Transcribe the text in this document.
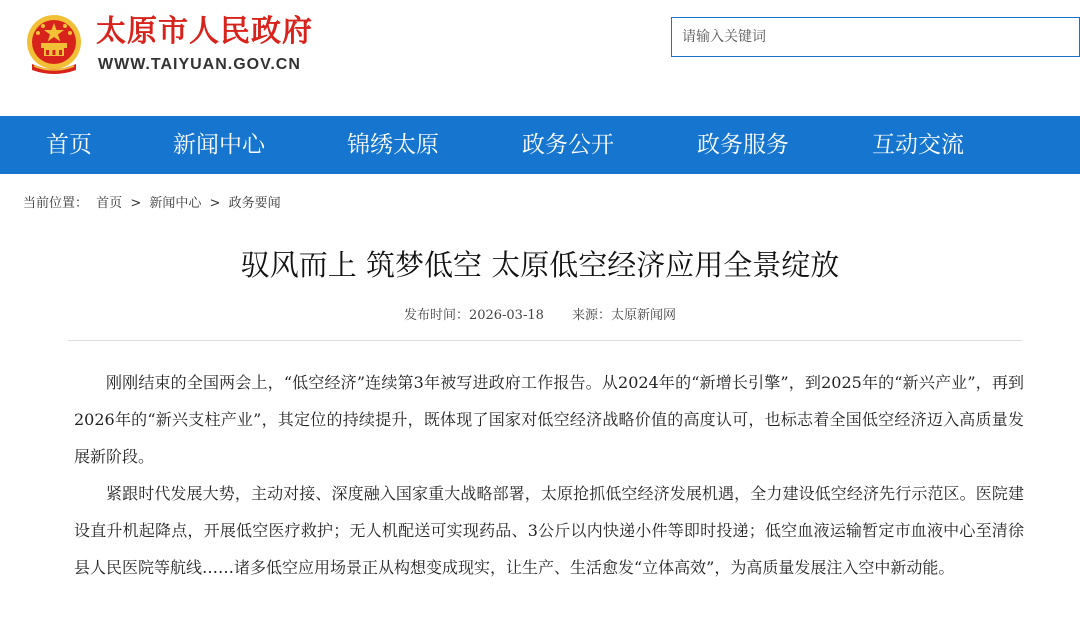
太原市人民政府
WWW.TAIYUAN.GOV.CN
请输入关键词
首页	新闻中心	锦绣太原	政务公开	政务服务	互动交流
当前位置： 首页 > 新闻中心 > 政务要闻
驭风而上 筑梦低空 太原低空经济应用全景绽放
发布时间：2026-03-18 来源：太原新闻网

刚刚结束的全国两会上，“低空经济”连续第3年被写进政府工作报告。从2024年的“新增长引擎”，到2025年的“新兴产业”，再到2026年的“新兴支柱产业”，其定位的持续提升，既体现了国家对低空经济战略价值的高度认可，也标志着全国低空经济迈入高质量发展新阶段。

紧跟时代发展大势，主动对接、深度融入国家重大战略部署，太原抢抓低空经济发展机遇，全力建设低空经济先行示范区。医院建设直升机起降点，开展低空医疗救护；无人机配送可实现药品、3公斤以内快递小件等即时投递；低空血液运输暂定市血液中心至清徐县人民医院等航线……诸多低空应用场景正从构想变成现实，让生产、生活愈发“立体高效”，为高质量发展注入空中新动能。
